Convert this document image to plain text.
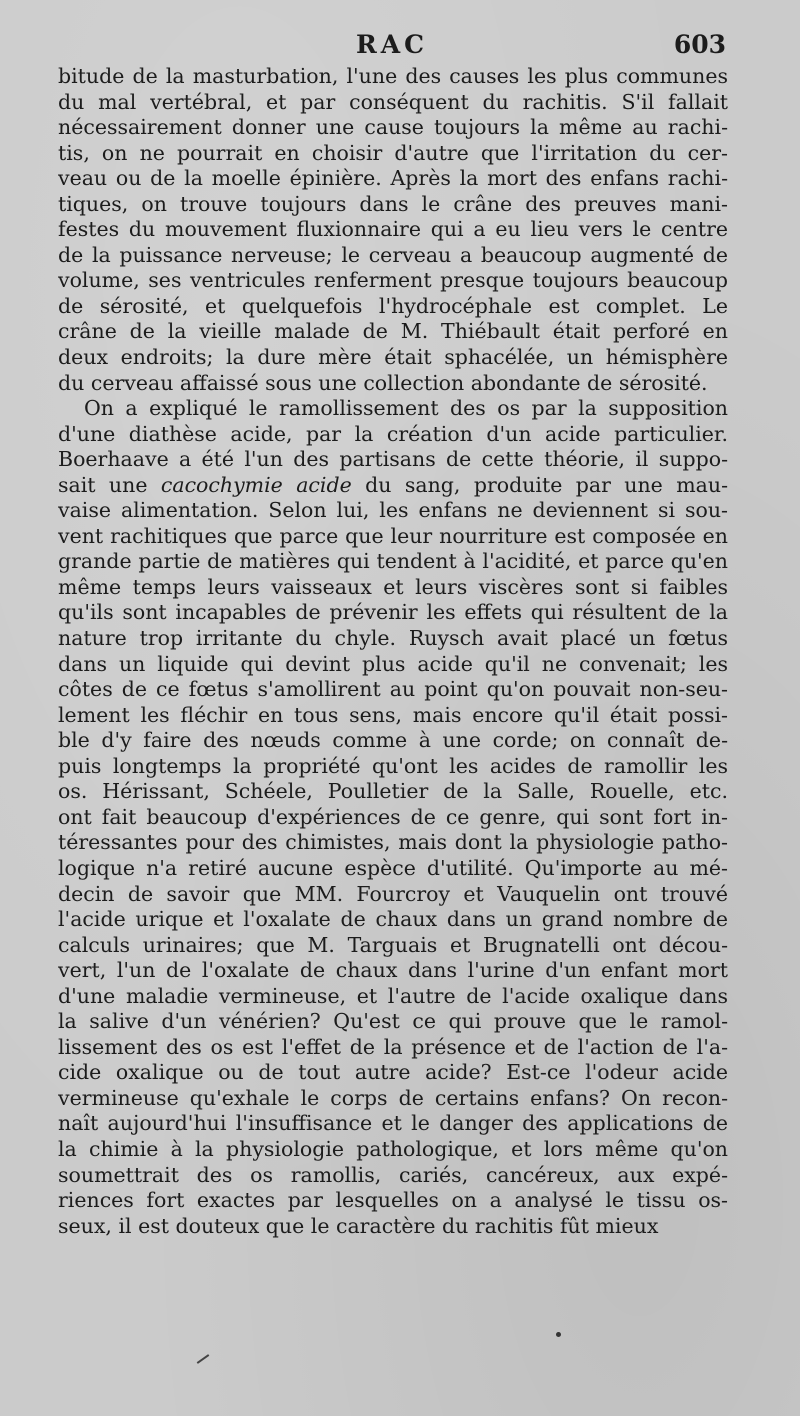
RAC	603
bitude de la masturbation, l'une des causes les plus communes
du mal vertébral, et par conséquent du rachitis. S'il fallait
nécessairement donner une cause toujours la même au rachi-
tis, on ne pourrait en choisir d'autre que l'irritation du cer-
veau ou de la moelle épinière. Après la mort des enfans rachi-
tiques, on trouve toujours dans le crâne des preuves mani-
festes du mouvement fluxionnaire qui a eu lieu vers le centre
de la puissance nerveuse; le cerveau a beaucoup augmenté de
volume, ses ventricules renferment presque toujours beaucoup
de sérosité, et quelquefois l'hydrocéphale est complet. Le
crâne de la vieille malade de M. Thiébault était perforé en
deux endroits; la dure mère était sphacélée, un hémisphère
du cerveau affaissé sous une collection abondante de sérosité.
On a expliqué le ramollissement des os par la supposition
d'une diathèse acide, par la création d'un acide particulier.
Boerhaave a été l'un des partisans de cette théorie, il suppo-
sait une cacochymie acide du sang, produite par une mau-
vaise alimentation. Selon lui, les enfans ne deviennent si sou-
vent rachitiques que parce que leur nourriture est composée en
grande partie de matières qui tendent à l'acidité, et parce qu'en
même temps leurs vaisseaux et leurs viscères sont si faibles
qu'ils sont incapables de prévenir les effets qui résultent de la
nature trop irritante du chyle. Ruysch avait placé un fœtus
dans un liquide qui devint plus acide qu'il ne convenait; les
côtes de ce fœtus s'amollirent au point qu'on pouvait non-seu-
lement les fléchir en tous sens, mais encore qu'il était possi-
ble d'y faire des nœuds comme à une corde; on connaît de-
puis longtemps la propriété qu'ont les acides de ramollir les
os. Hérissant, Schéele, Poulletier de la Salle, Rouelle, etc.
ont fait beaucoup d'expériences de ce genre, qui sont fort in-
téressantes pour des chimistes, mais dont la physiologie patho-
logique n'a retiré aucune espèce d'utilité. Qu'importe au mé-
decin de savoir que MM. Fourcroy et Vauquelin ont trouvé
l'acide urique et l'oxalate de chaux dans un grand nombre de
calculs urinaires; que M. Targuais et Brugnatelli ont décou-
vert, l'un de l'oxalate de chaux dans l'urine d'un enfant mort
d'une maladie vermineuse, et l'autre de l'acide oxalique dans
la salive d'un vénérien? Qu'est ce qui prouve que le ramol-
lissement des os est l'effet de la présence et de l'action de l'a-
cide oxalique ou de tout autre acide? Est-ce l'odeur acide
vermineuse qu'exhale le corps de certains enfans? On recon-
naît aujourd'hui l'insuffisance et le danger des applications de
la chimie à la physiologie pathologique, et lors même qu'on
soumettrait des os ramollis, cariés, cancéreux, aux expé-
riences fort exactes par lesquelles on a analysé le tissu os-
seux, il est douteux que le caractère du rachitis fût mieux
